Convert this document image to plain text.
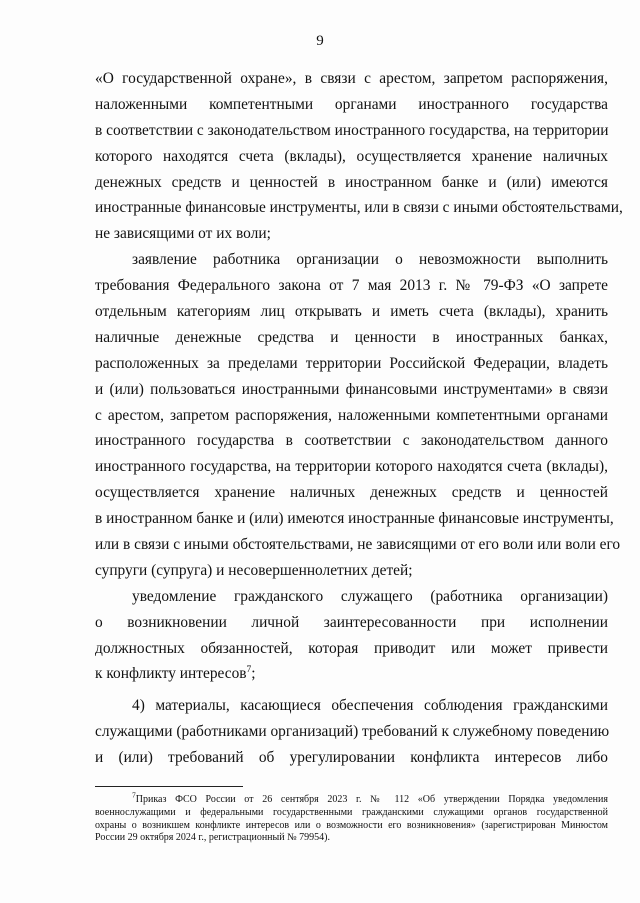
9
«О государственной охране», в связи с арестом, запретом распоряжения,
наложенными компетентными органами иностранного государства
в соответствии с законодательством иностранного государства, на территории
которого находятся счета (вклады), осуществляется хранение наличных
денежных средств и ценностей в иностранном банке и (или) имеются
иностранные финансовые инструменты, или в связи с иными обстоятельствами,
не зависящими от их воли;
заявление работника организации о невозможности выполнить
требования Федерального закона от 7 мая 2013 г. № 79-ФЗ «О запрете
отдельным категориям лиц открывать и иметь счета (вклады), хранить
наличные денежные средства и ценности в иностранных банках,
расположенных за пределами территории Российской Федерации, владеть
и (или) пользоваться иностранными финансовыми инструментами» в связи
с арестом, запретом распоряжения, наложенными компетентными органами
иностранного государства в соответствии с законодательством данного
иностранного государства, на территории которого находятся счета (вклады),
осуществляется хранение наличных денежных средств и ценностей
в иностранном банке и (или) имеются иностранные финансовые инструменты,
или в связи с иными обстоятельствами, не зависящими от его воли или воли его
супруги (супруга) и несовершеннолетних детей;
уведомление гражданского служащего (работника организации)
о возникновении личной заинтересованности при исполнении
должностных обязанностей, которая приводит или может привести
к конфликту интересов$^7$;
4) материалы, касающиеся обеспечения соблюдения гражданскими
служащими (работниками организаций) требований к служебному поведению
и (или) требований об урегулировании конфликта интересов либо
$^7$Приказ ФСО России от 26 сентября 2023 г. № 112 «Об утверждении Порядка уведомления
военнослужащими и федеральными государственными гражданскими служащими органов государственной
охраны о возникшем конфликте интересов или о возможности его возникновения» (зарегистрирован Минюстом
России 29 октября 2024 г., регистрационный № 79954).
